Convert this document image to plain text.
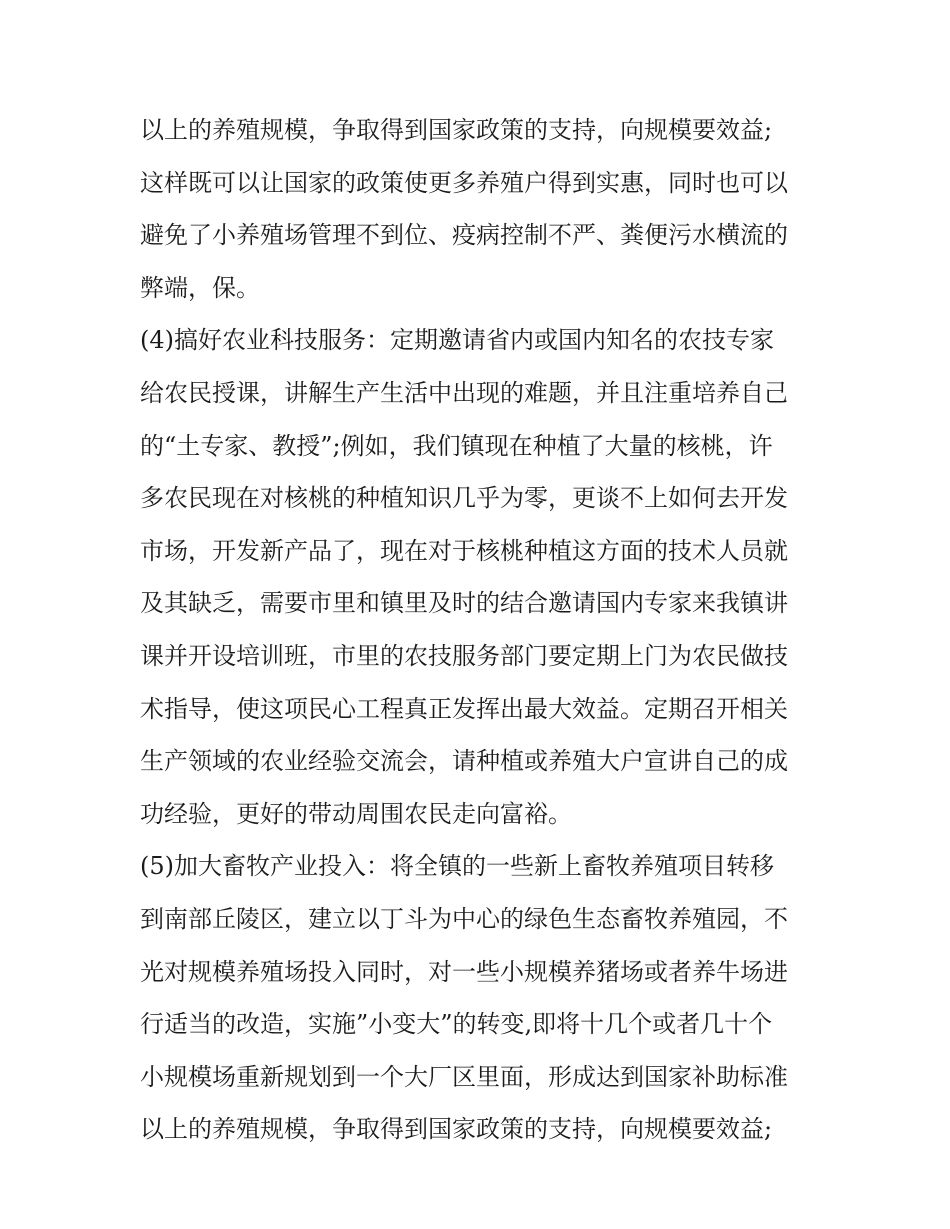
以上的养殖规模，争取得到国家政策的支持，向规模要效益;
这样既可以让国家的政策使更多养殖户得到实惠，同时也可以
避免了小养殖场管理不到位、疫病控制不严、粪便污水横流的
弊端，保。
(4)搞好农业科技服务：定期邀请省内或国内知名的农技专家
给农民授课，讲解生产生活中出现的难题，并且注重培养自己
的“土专家、教授”;例如，我们镇现在种植了大量的核桃，许
多农民现在对核桃的种植知识几乎为零，更谈不上如何去开发
市场，开发新产品了，现在对于核桃种植这方面的技术人员就
及其缺乏，需要市里和镇里及时的结合邀请国内专家来我镇讲
课并开设培训班，市里的农技服务部门要定期上门为农民做技
术指导，使这项民心工程真正发挥出最大效益。定期召开相关
生产领域的农业经验交流会，请种植或养殖大户宣讲自己的成
功经验，更好的带动周围农民走向富裕。
(5)加大畜牧产业投入：将全镇的一些新上畜牧养殖项目转移
到南部丘陵区，建立以丁斗为中心的绿色生态畜牧养殖园，不
光对规模养殖场投入同时，对一些小规模养猪场或者养牛场进
行适当的改造，实施”小变大”的转变,即将十几个或者几十个
小规模场重新规划到一个大厂区里面，形成达到国家补助标准
以上的养殖规模，争取得到国家政策的支持，向规模要效益;
